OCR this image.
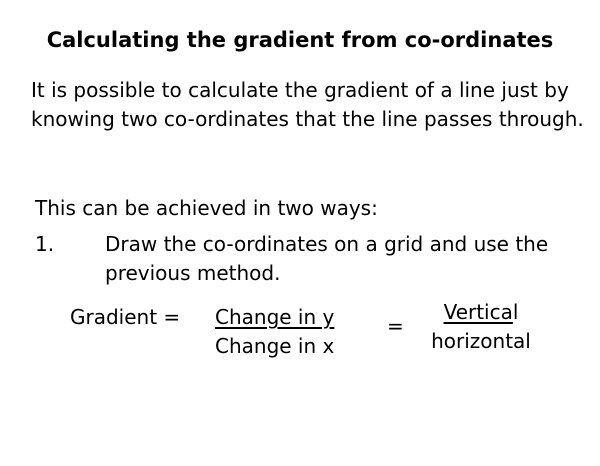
Calculating the gradient from co-ordinates
It is possible to calculate the gradient of a line just by knowing two co-ordinates that the line passes through.
This can be achieved in two ways:
1.	Draw the co-ordinates on a grid and use the previous method.
Gradient = Change in y
Change in x
=
Vertical
horizontal
